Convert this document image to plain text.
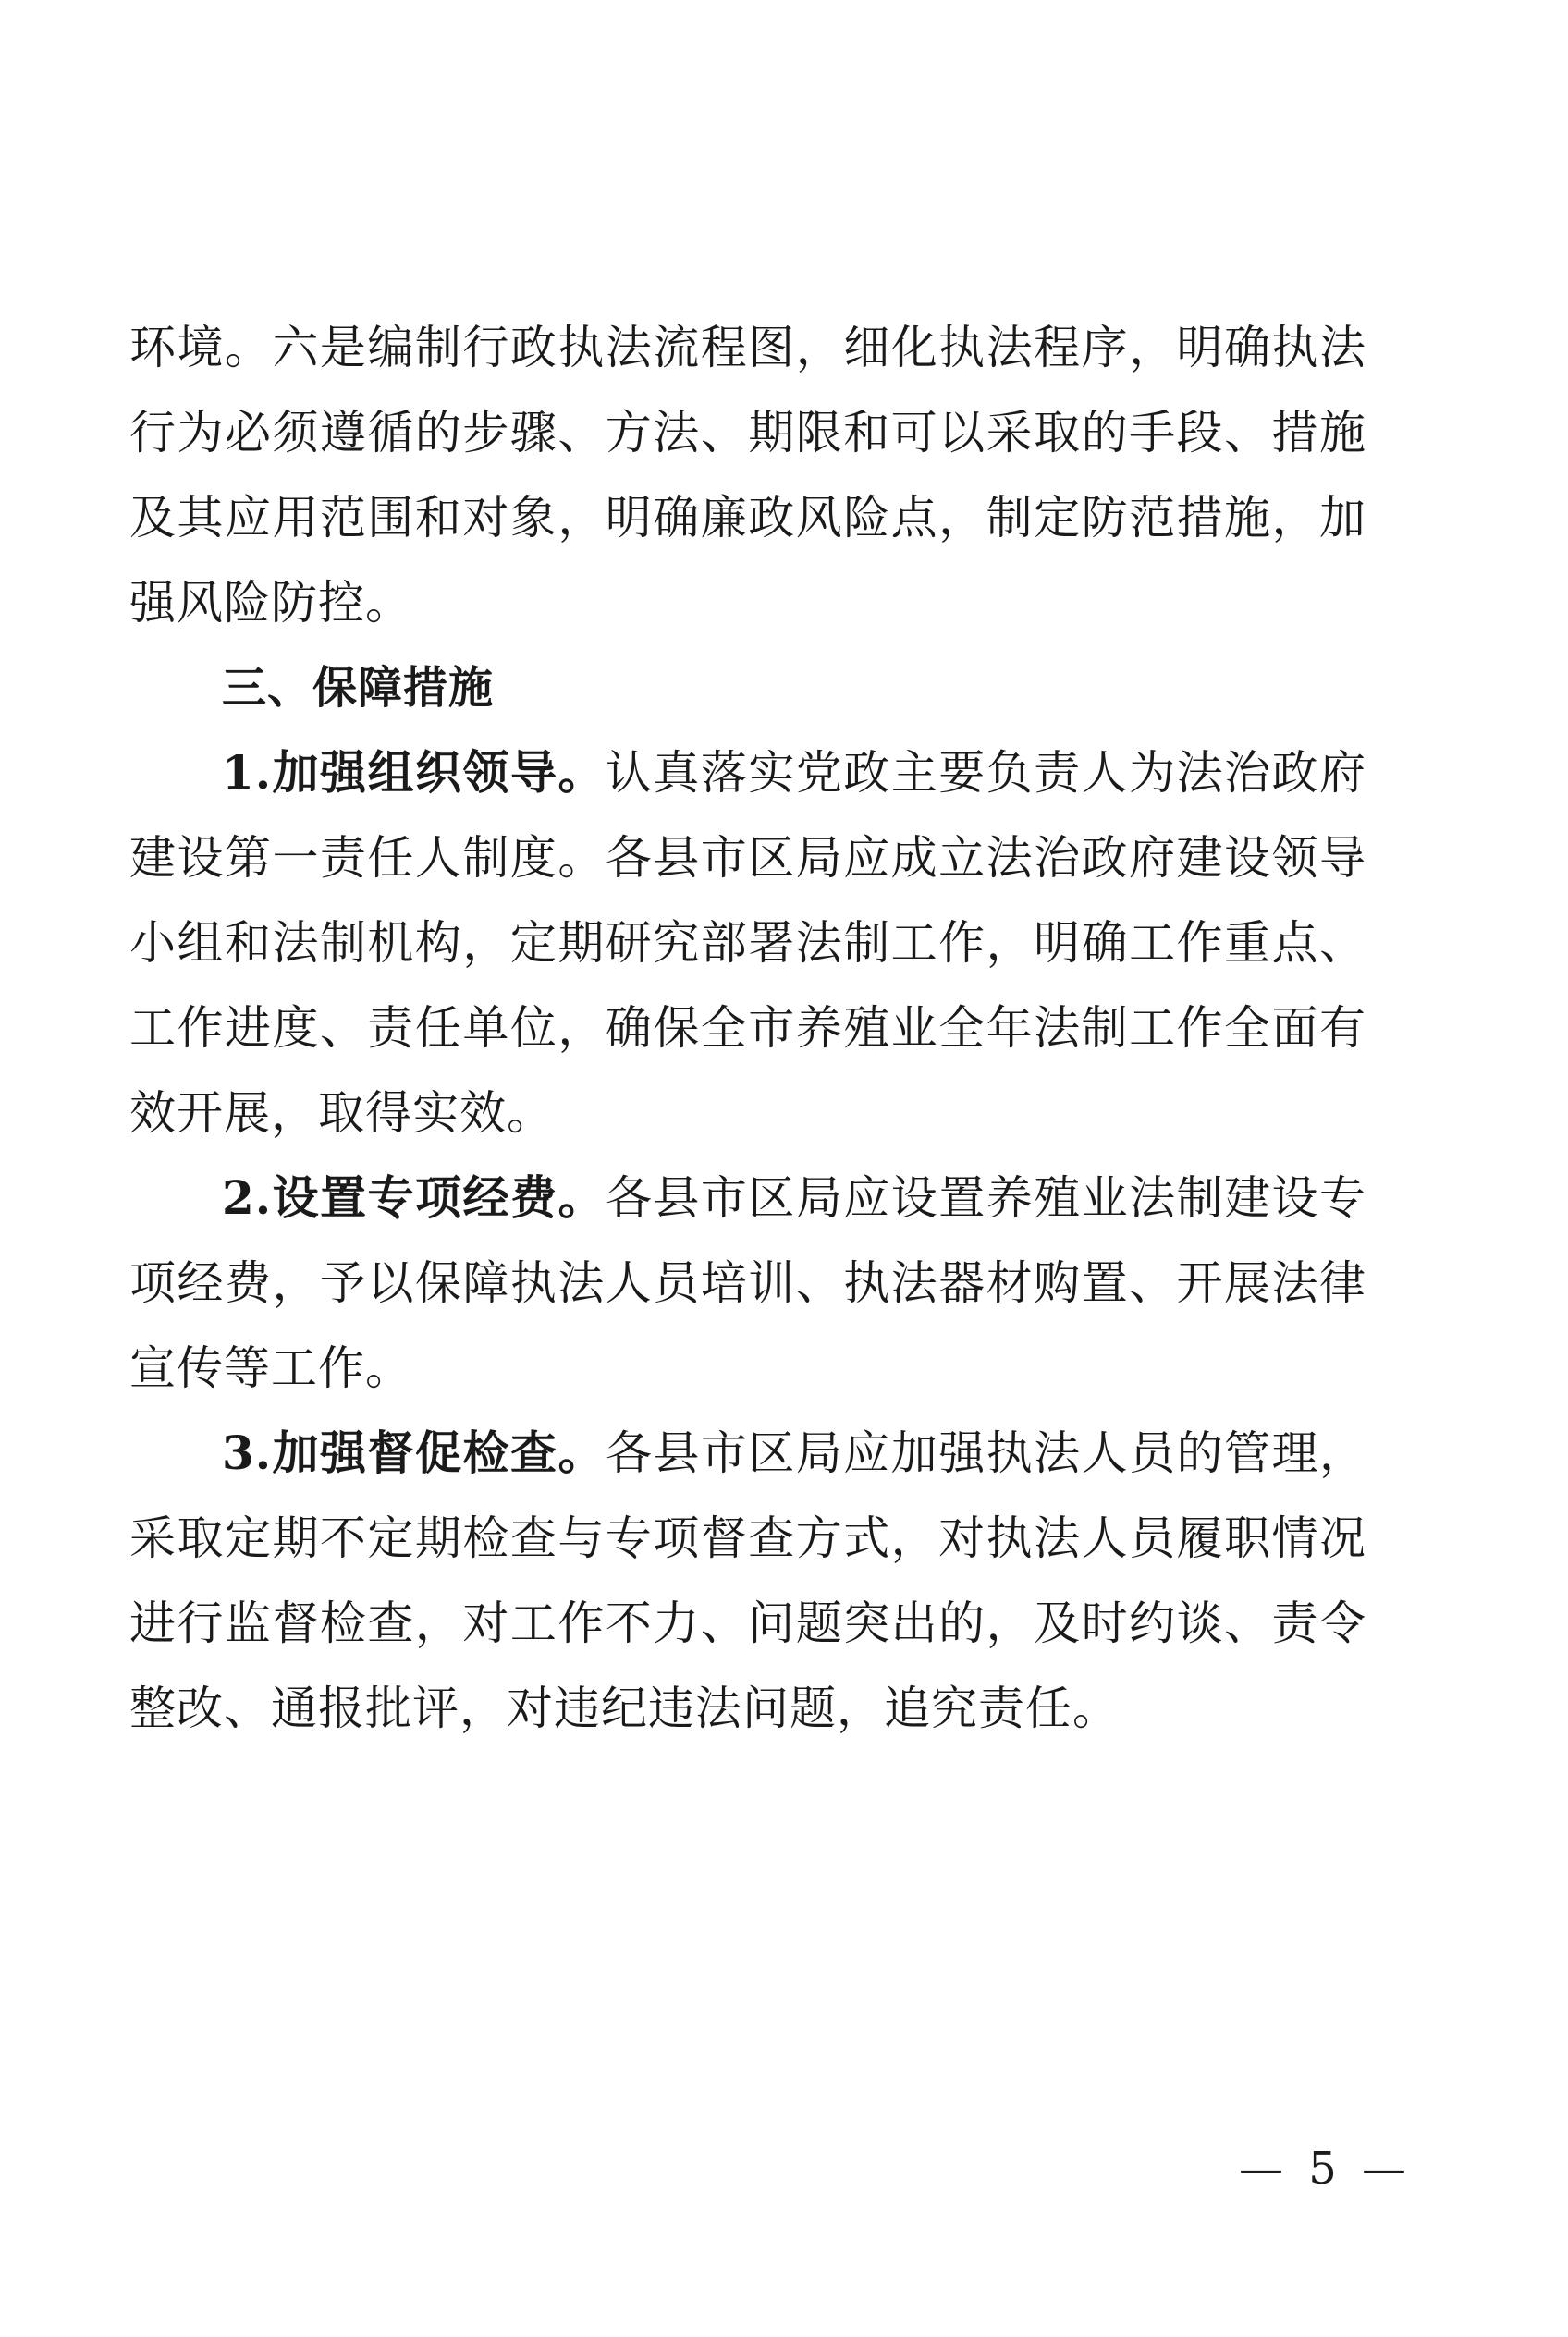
环境。六是编制行政执法流程图，细化执法程序，明确执法行为必须遵循的步骤、方法、期限和可以采取的手段、措施及其应用范围和对象，明确廉政风险点，制定防范措施，加强风险防控。

三、保障措施

1.加强组织领导。认真落实党政主要负责人为法治政府建设第一责任人制度。各县市区局应成立法治政府建设领导小组和法制机构，定期研究部署法制工作，明确工作重点、工作进度、责任单位，确保全市养殖业全年法制工作全面有效开展，取得实效。

2.设置专项经费。各县市区局应设置养殖业法制建设专项经费，予以保障执法人员培训、执法器材购置、开展法律宣传等工作。

3.加强督促检查。各县市区局应加强执法人员的管理，采取定期不定期检查与专项督查方式，对执法人员履职情况进行监督检查，对工作不力、问题突出的，及时约谈、责令整改、通报批评，对违纪违法问题，追究责任。

— 5 —
